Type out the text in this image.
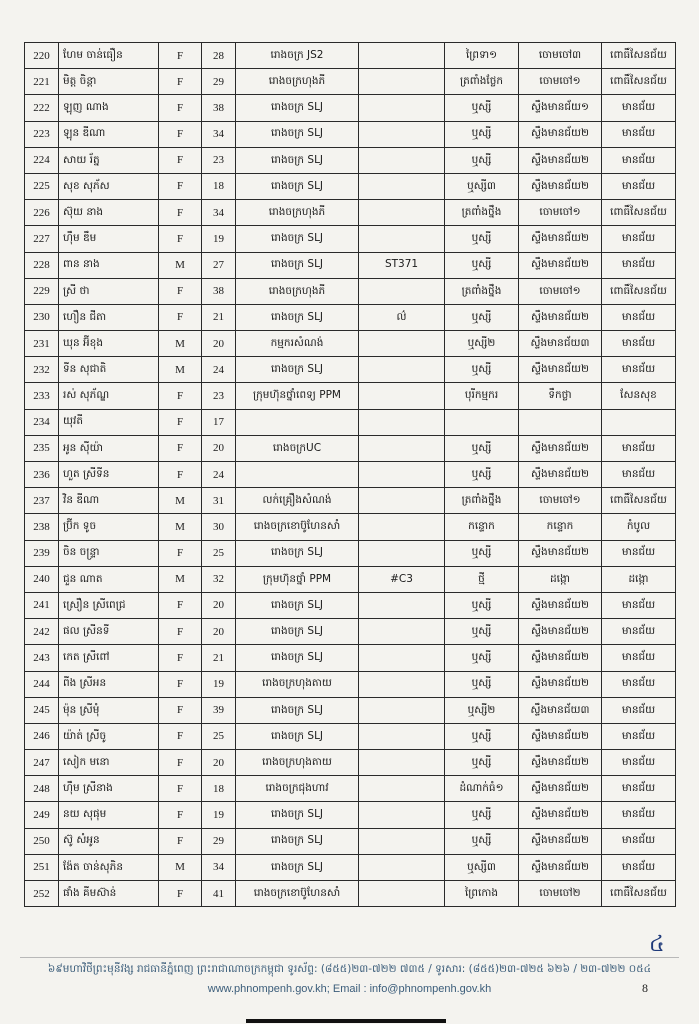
220	ហែម ចាន់ធឿន	F	28	រោងចក្រ JS2		ព្រៃទា១	ចោមចៅ៣	ពោធិ៍សែនជ័យ
221	មិត្ត ចិន្តា	F	29	រោងចក្រហុងភី		ត្រពាំងថ្លែក	ចោមចៅ១	ពោធិ៍សែនជ័យ
222	ឡុញ ណាង	F	38	រោងចក្រ SLJ		ឬស្សី	ស្ទឹងមានជ័យ១	មានជ័យ
223	ឡុន ឌីណា	F	34	រោងចក្រ SLJ		ឬស្សី	ស្ទឹងមានជ័យ២	មានជ័យ
224	សាយ រ័ត្ន	F	23	រោងចក្រ SLJ		ឬស្សី	ស្ទឹងមានជ័យ២	មានជ័យ
225	សុខ សុភ័ស	F	18	រោងចក្រ SLJ		ឬស្សី៣	ស្ទឹងមានជ័យ២	មានជ័យ
226	ស៊ុយ នាង	F	34	រោងចក្រហុងភី		ត្រពាំងថ្នឹង	ចោមចៅ១	ពោធិ៍សែនជ័យ
227	ហ៊ឹម ឌឹម	F	19	រោងចក្រ SLJ		ឬស្សី	ស្ទឹងមានជ័យ២	មានជ័យ
228	ពាន នាង	M	27	រោងចក្រ SLJ	ST371	ឬស្សី	ស្ទឹងមានជ័យ២	មានជ័យ
229	ស្រី ថា	F	38	រោងចក្រហុងភី		ត្រពាំងថ្នឹង	ចោមចៅ១	ពោធិ៍សែនជ័យ
230	ហឿន ជីតា	F	21	រោងចក្រ SLJ	ល៌	ឬស្សី	ស្ទឹងមានជ័យ២	មានជ័យ
231	ឃុន អ៊ីខុង	M	20	កម្មករសំណង់		ឬស្សី២	ស្ទឹងមានជ័យ៣	មានជ័យ
232	ទីន សុជាតិ	M	24	រោងចក្រ SLJ		ឬស្សី	ស្ទឹងមានជ័យ២	មានជ័យ
233	រស់ សុភ័ណ្ឌ	F	23	ក្រុមហ៊ុនថ្នាំពេទ្យ PPM		បុរីកម្មករ	ទឹកថ្លា	សែនសុខ
234	យុវតី	F	17					
235	អូន ស៊ីយ៉ា	F	20	រោងចក្រUC		ឬស្សី	ស្ទឹងមានជ័យ២	មានជ័យ
236	ហួត ស្រីទីន	F	24			ឬស្សី	ស្ទឹងមានជ័យ២	មានជ័យ
237	វិន ឌីណា	M	31	លក់គ្រឿងសំណង់		ត្រពាំងថ្នឹង	ចោមចៅ១	ពោធិ៍សែនជ័យ
238	ប្រ៊ីក ទូច	M	30	រោងចក្រខោប៊ូហែនសាំ		កន្ទោក	កន្ទោក	កំបូល
239	ចិន ចន្ទ្រា	F	25	រោងចក្រ SLJ		ឬស្សី	ស្ទឹងមានជ័យ២	មានជ័យ
240	ជួន ណាត	M	32	ក្រុមហ៊ុនថ្នាំ PPM	#C3	ថ្មី	ដង្កោ	ដង្កោ
241	ស្រឿន ស្រីពេជ្រ	F	20	រោងចក្រ SLJ		ឬស្សី	ស្ទឹងមានជ័យ២	មានជ័យ
242	ផល ស្រីនទី	F	20	រោងចក្រ SLJ		ឬស្សី	ស្ទឹងមានជ័យ២	មានជ័យ
243	កេត ស្រីពៅ	F	21	រោងចក្រ SLJ		ឬស្សី	ស្ទឹងមានជ័យ២	មានជ័យ
244	ពីង ស្រីអន	F	19	រោងចក្រហុងតាយ		ឬស្សី	ស្ទឹងមានជ័យ២	មានជ័យ
245	ម៉ុន ស្រីមុំ	F	39	រោងចក្រ SLJ		ឬស្សី២	ស្ទឹងមានជ័យ៣	មានជ័យ
246	យ៉ាត់ ស្រីចូ	F	25	រោងចក្រ SLJ		ឬស្សី	ស្ទឹងមានជ័យ២	មានជ័យ
247	សៀក មនោ	F	20	រោងចក្រហុងតាយ		ឬស្សី	ស្ទឹងមានជ័យ២	មានជ័យ
248	ហ៊ឹម ស្រីនាង	F	18	រោងចក្រជុងហាវ		ដំណាក់ធំ១	ស្ទឹងមានជ័យ២	មានជ័យ
249	នយ សុផុម	F	19	រោងចក្រ SLJ		ឬស្សី	ស្ទឹងមានជ័យ២	មានជ័យ
250	ស៊ូ សំអូន	F	29	រោងចក្រ SLJ		ឬស្សី	ស្ទឹងមានជ័យ២	មានជ័យ
251	ង៉ែត ចាន់សុភិន	M	34	រោងចក្រ SLJ		ឬស្សី៣	ស្ទឹងមានជ័យ២	មានជ័យ
252	ផាំង គីមស៊ាន់	F	41	រោងចក្រខោប៊ូហែនសាំ		ព្រៃកោង	ចោមចៅ២	ពោធិ៍សែនជ័យ
៤
៦៩មហាវិថីព្រះមុនីវង្ស រាជធានីភ្នំពេញ ព្រះរាជាណាចក្រកម្ពុជា ទូរស័ព្ទ: (៨៥៥)២៣-៧២២ ៧៣៥ / ទូរសារ: (៨៥៥)២៣-៧២៥ ៦២៦ / ២៣-៧២២ ០៥៤
www.phnompenh.gov.kh; Email : info@phnompenh.gov.kh	8
